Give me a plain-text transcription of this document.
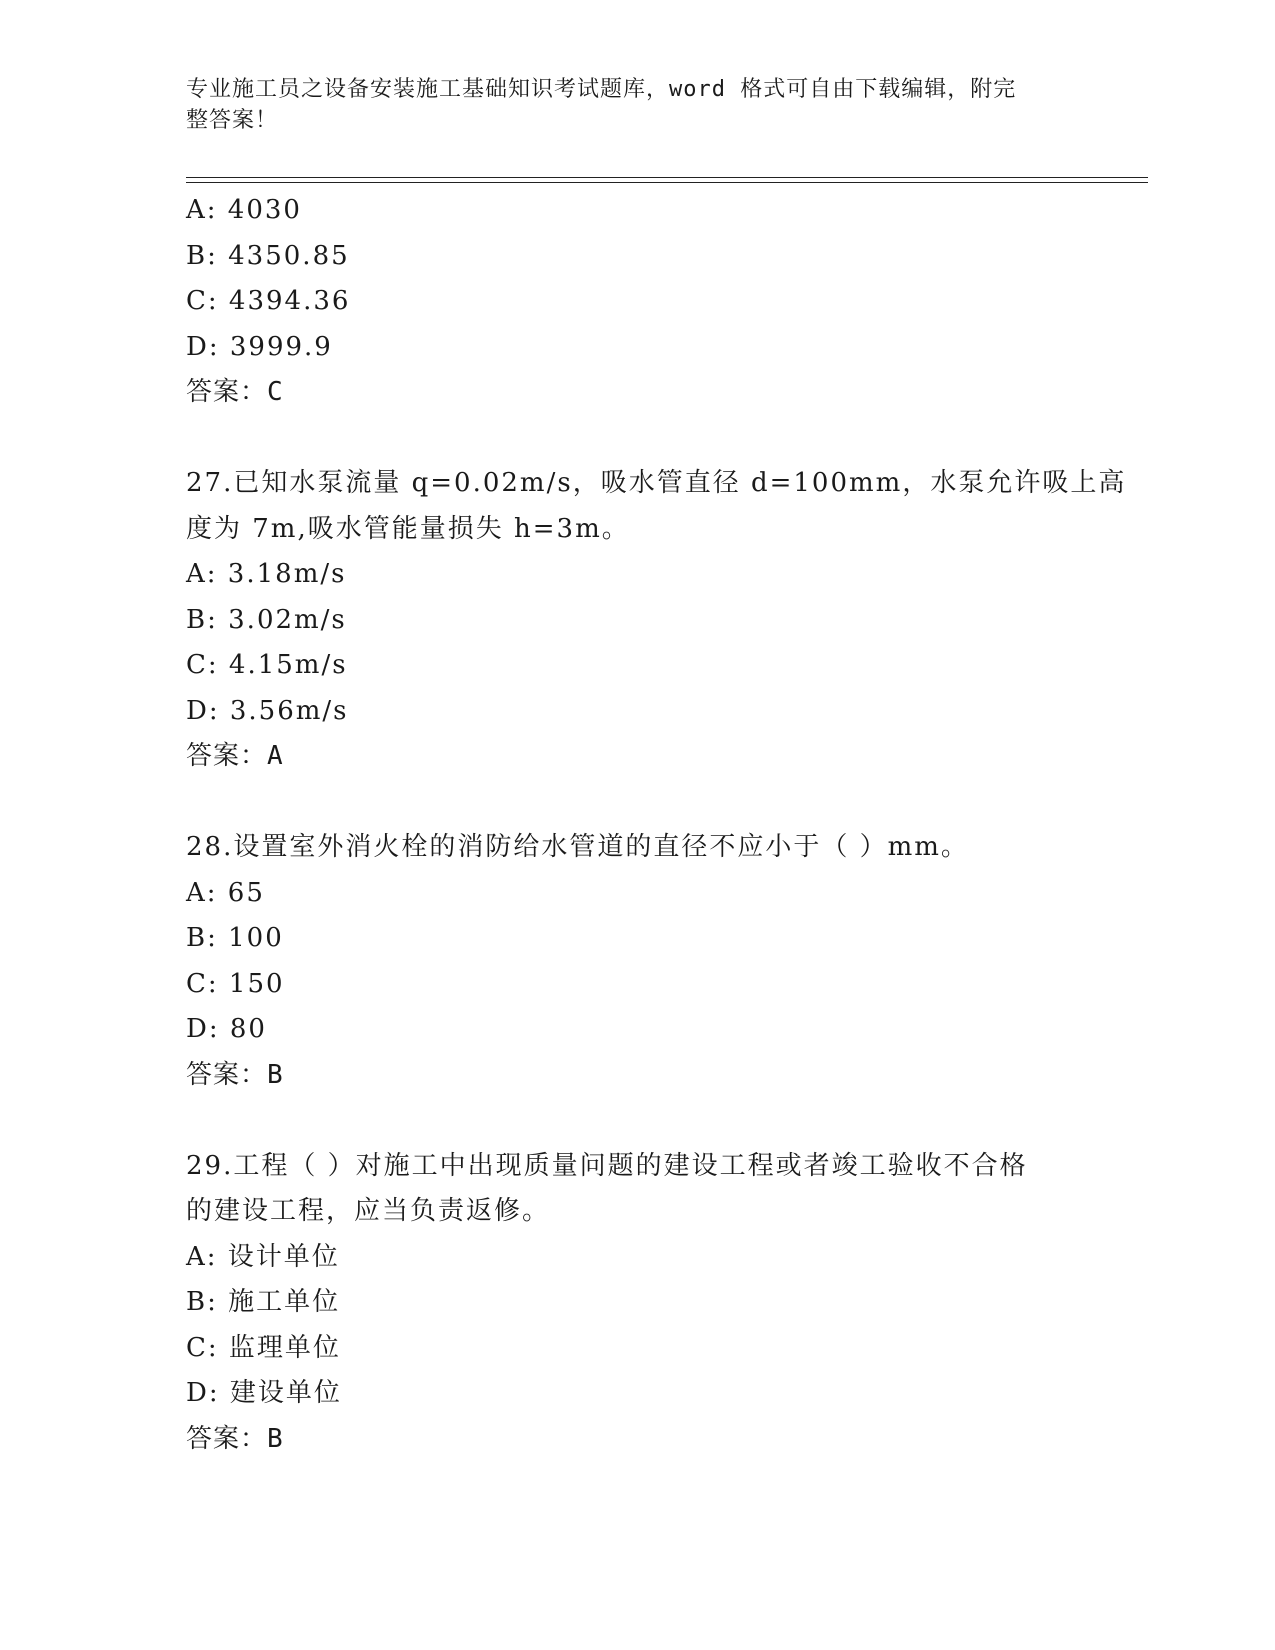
专业施工员之设备安装施工基础知识考试题库，word 格式可自由下载编辑，附完
整答案！
A: 4030
B: 4350.85
C: 4394.36
D: 3999.9
答案：C
27.已知水泵流量 q=0.02m/s，吸水管直径 d=100mm，水泵允许吸上高
度为 7m,吸水管能量损失 h=3m。
A: 3.18m/s
B: 3.02m/s
C: 4.15m/s
D: 3.56m/s
答案：A
28.设置室外消火栓的消防给水管道的直径不应小于（ ）mm。
A: 65
B: 100
C: 150
D: 80
答案：B
29.工程（ ）对施工中出现质量问题的建设工程或者竣工验收不合格
的建设工程，应当负责返修。
A: 设计单位
B: 施工单位
C: 监理单位
D: 建设单位
答案：B
